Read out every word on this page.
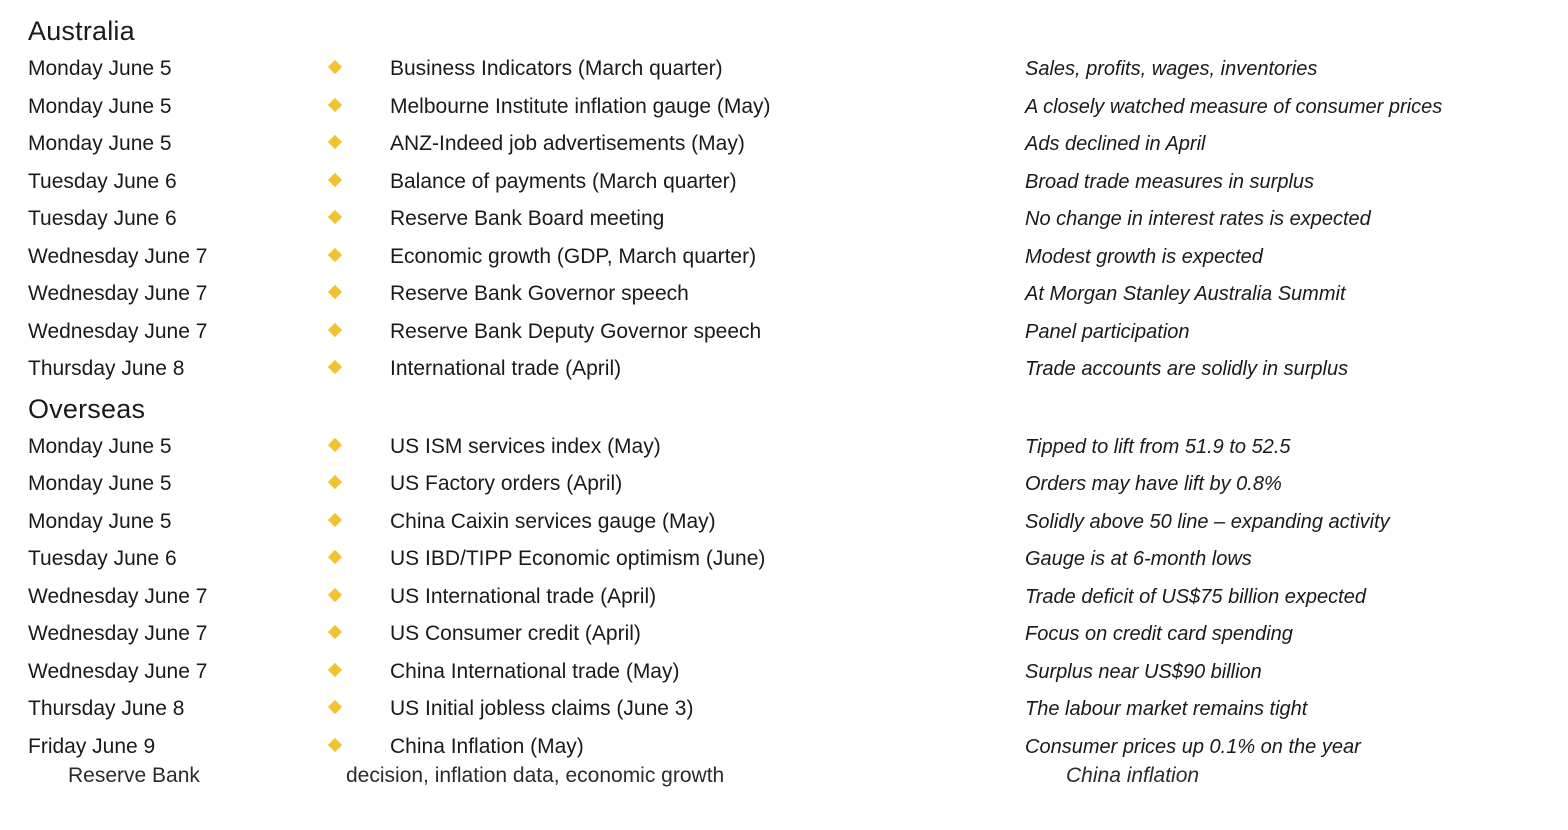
Australia
Monday June 5	Business Indicators (March quarter)	Sales, profits, wages, inventories
Monday June 5	Melbourne Institute inflation gauge (May)	A closely watched measure of consumer prices
Monday June 5	ANZ-Indeed job advertisements (May)	Ads declined in April
Tuesday June 6	Balance of payments (March quarter)	Broad trade measures in surplus
Tuesday June 6	Reserve Bank Board meeting	No change in interest rates is expected
Wednesday June 7	Economic growth (GDP, March quarter)	Modest growth is expected
Wednesday June 7	Reserve Bank Governor speech	At Morgan Stanley Australia Summit
Wednesday June 7	Reserve Bank Deputy Governor speech	Panel participation
Thursday June 8	International trade (April)	Trade accounts are solidly in surplus
Overseas
Monday June 5	US ISM services index (May)	Tipped to lift from 51.9 to 52.5
Monday June 5	US Factory orders (April)	Orders may have lift by 0.8%
Monday June 5	China Caixin services gauge (May)	Solidly above 50 line – expanding activity
Tuesday June 6	US IBD/TIPP Economic optimism (June)	Gauge is at 6-month lows
Wednesday June 7	US International trade (April)	Trade deficit of US$75 billion expected
Wednesday June 7	US Consumer credit (April)	Focus on credit card spending
Wednesday June 7	China International trade (May)	Surplus near US$90 billion
Thursday June 8	US Initial jobless claims (June 3)	The labour market remains tight
Friday June 9	China Inflation (May)	Consumer prices up 0.1% on the year
Reserve Bank	decision, inflation data, economic growth	China inflation
